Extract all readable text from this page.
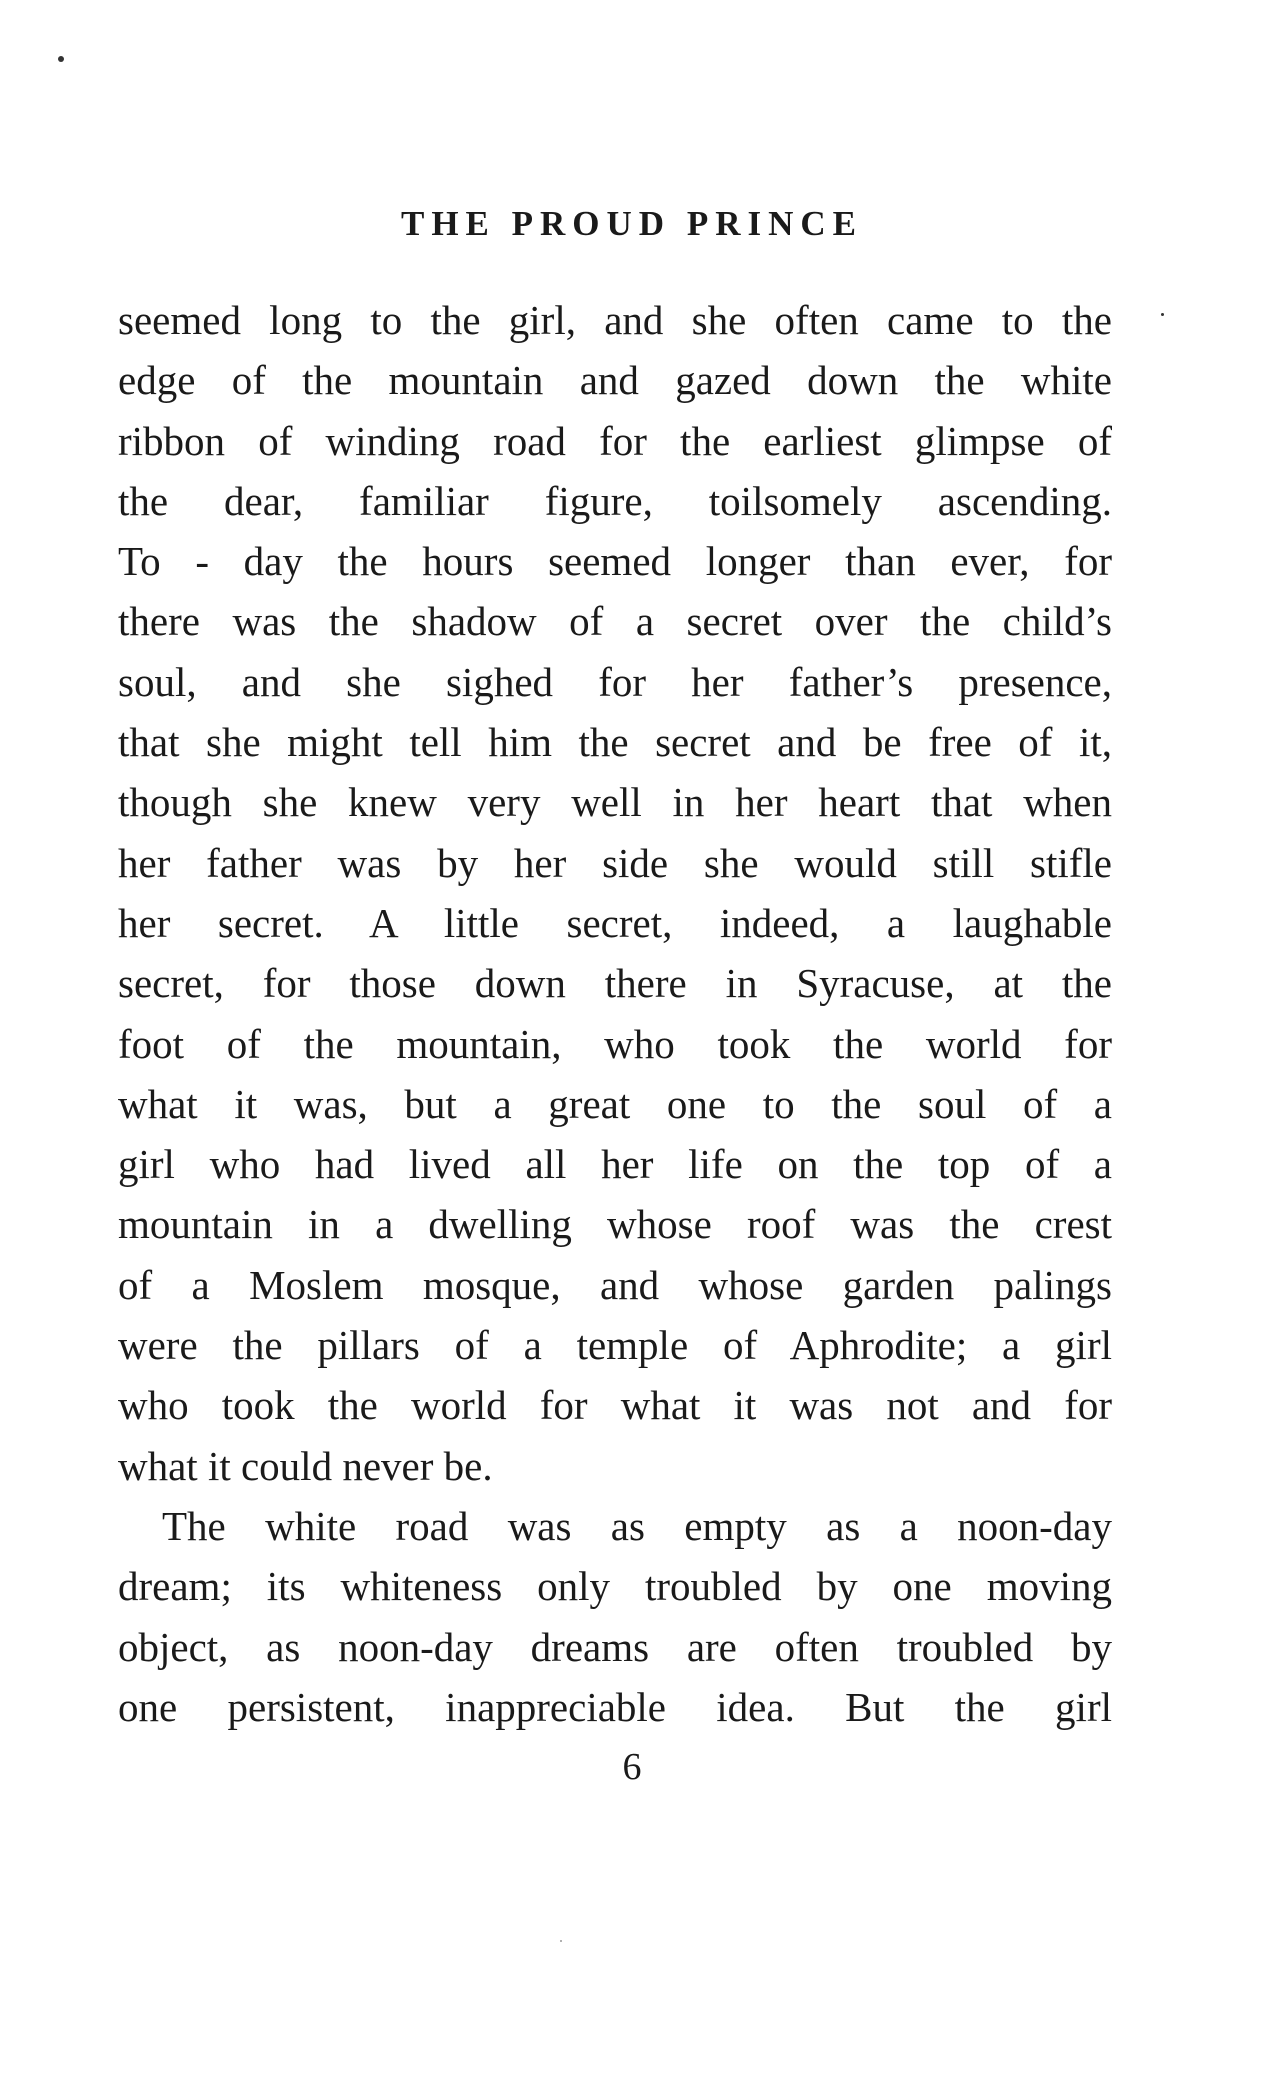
THE PROUD PRINCE
seemed long to the girl, and she often came to the
edge of the mountain and gazed down the white
ribbon of winding road for the earliest glimpse of
the dear, familiar figure, toilsomely ascending.
To - day the hours seemed longer than ever, for
there was the shadow of a secret over the child’s
soul, and she sighed for her father’s presence,
that she might tell him the secret and be free of it,
though she knew very well in her heart that when
her father was by her side she would still stifle
her secret. A little secret, indeed, a laughable
secret, for those down there in Syracuse, at the
foot of the mountain, who took the world for
what it was, but a great one to the soul of a
girl who had lived all her life on the top of a
mountain in a dwelling whose roof was the crest
of a Moslem mosque, and whose garden palings
were the pillars of a temple of Aphrodite; a girl
who took the world for what it was not and for
what it could never be.
The white road was as empty as a noon-day
dream; its whiteness only troubled by one moving
object, as noon-day dreams are often troubled by
one persistent, inappreciable idea. But the girl
6
